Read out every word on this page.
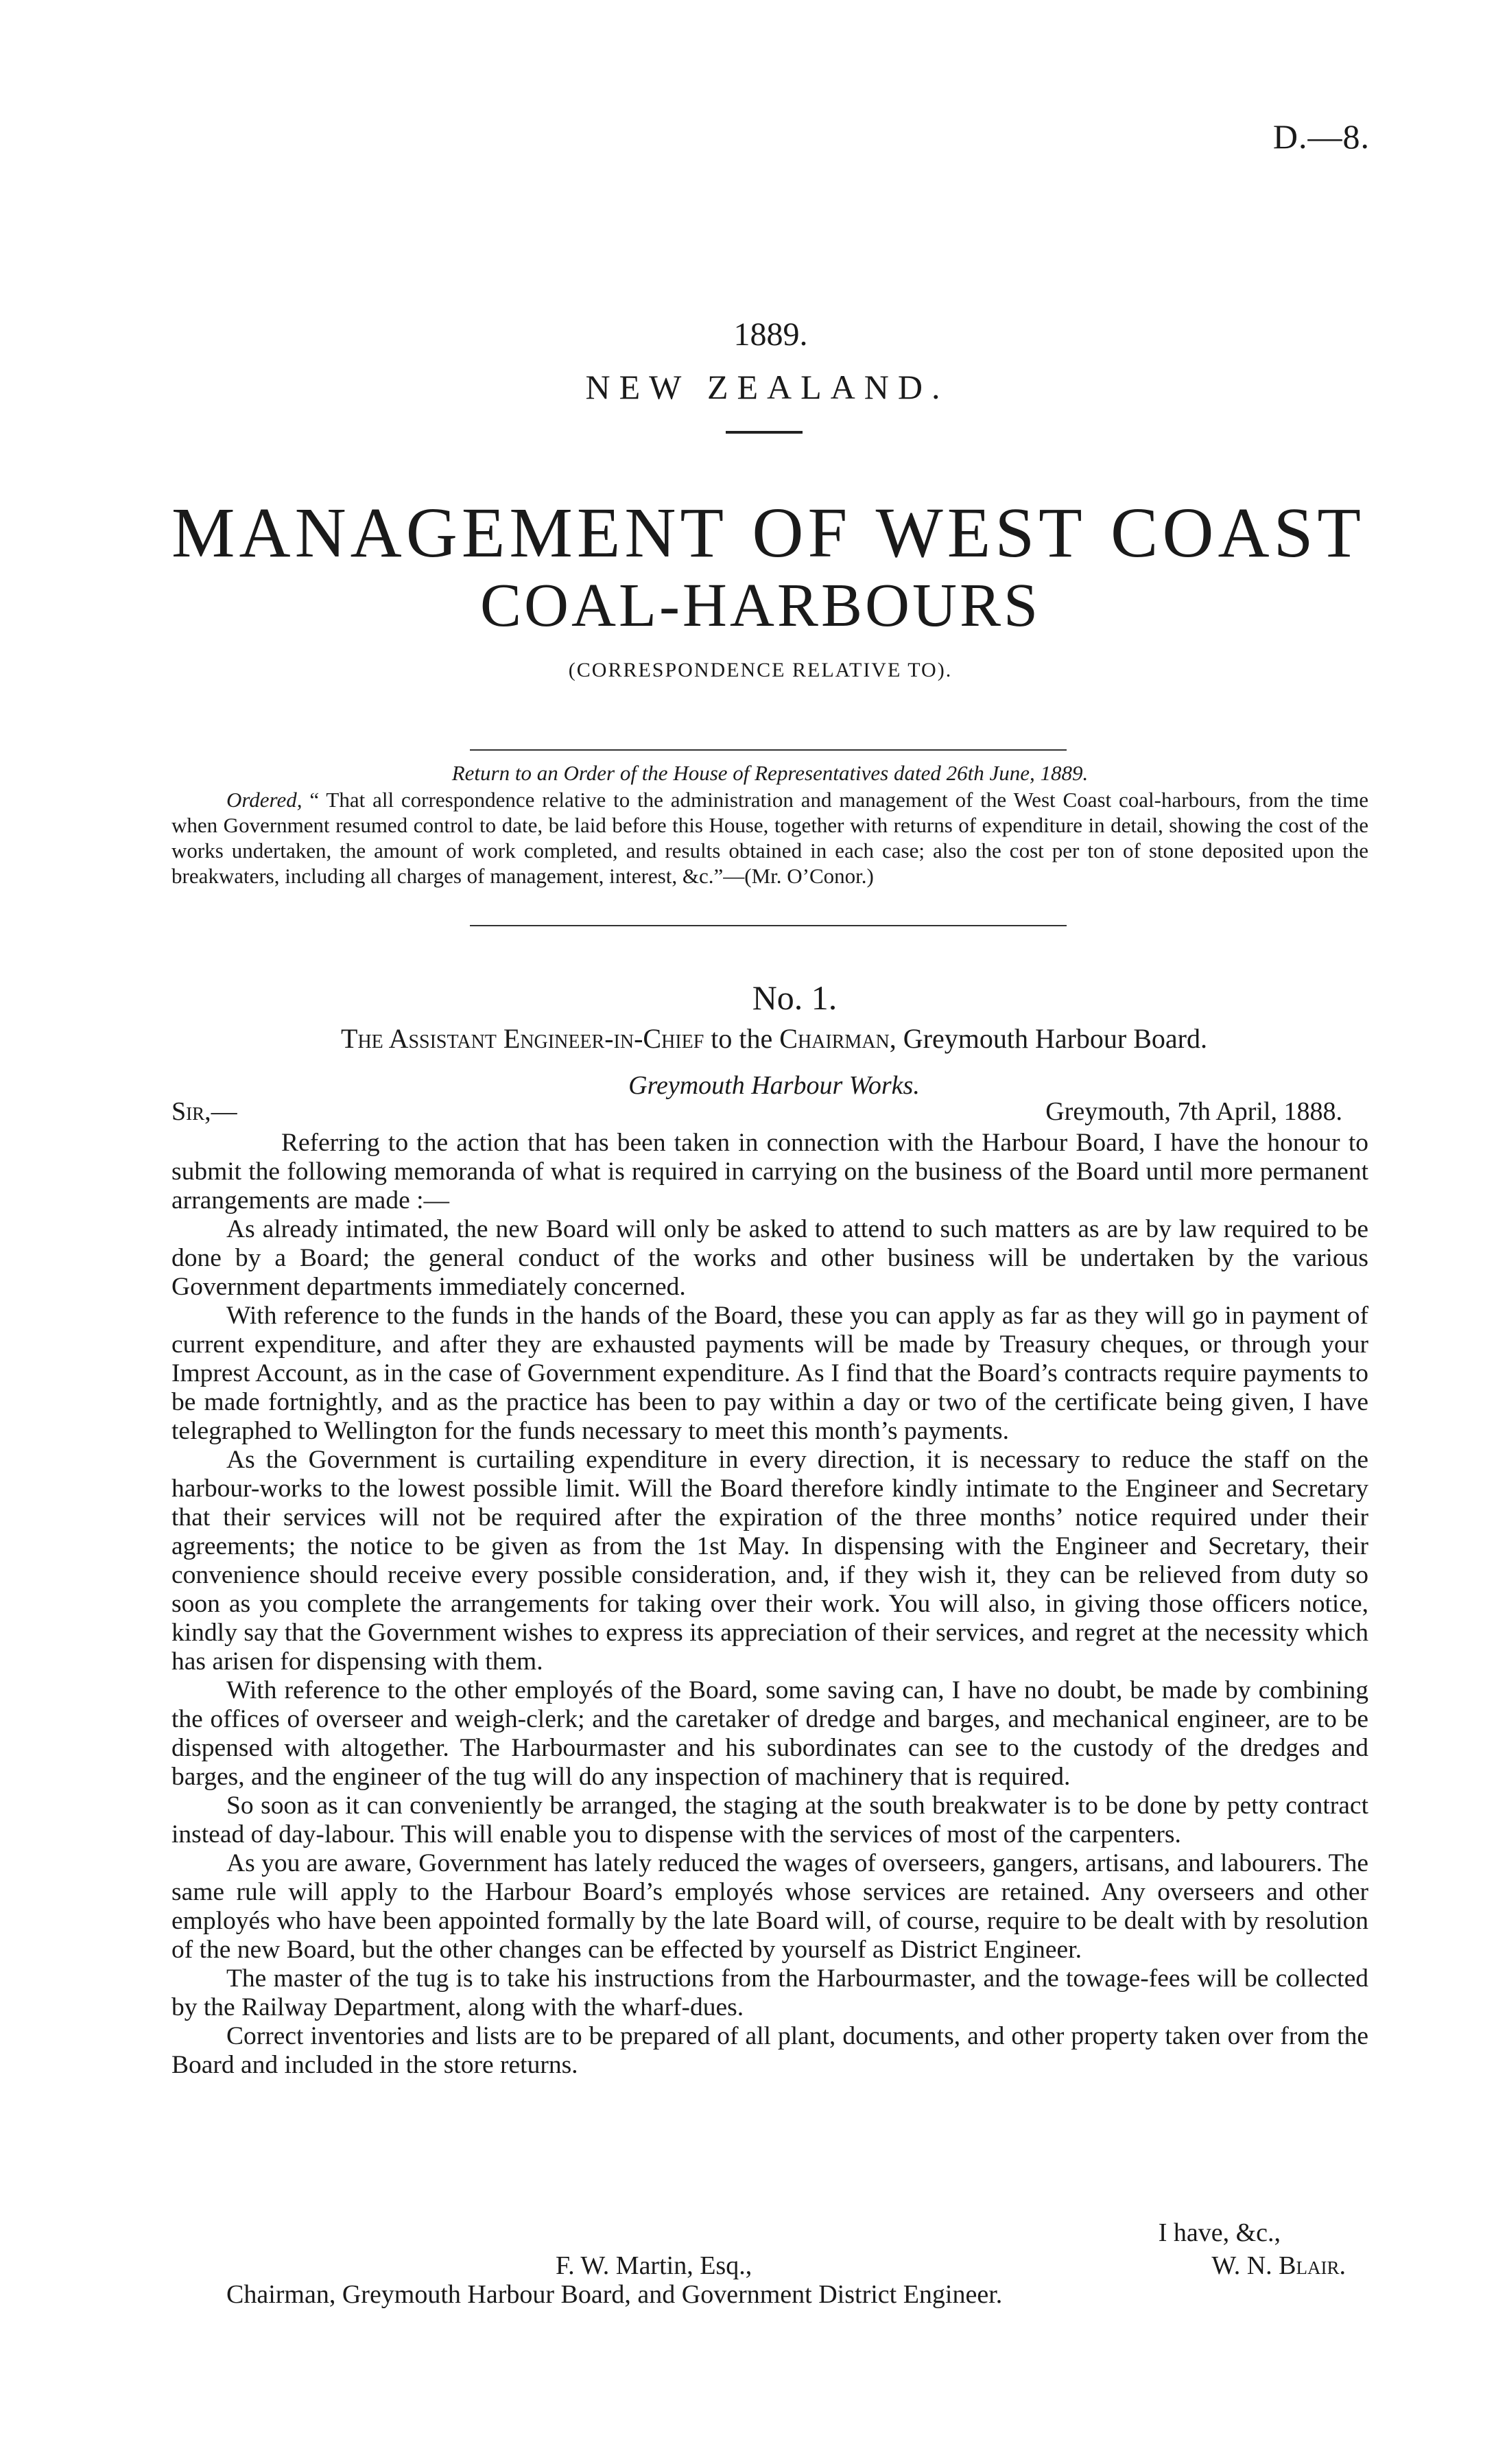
D.—8.
1889.
NEW ZEALAND.
MANAGEMENT OF WEST COAST
COAL-HARBOURS
(CORRESPONDENCE RELATIVE TO).
Return to an Order of the House of Representatives dated 26th June, 1889.

Ordered, “ That all correspondence relative to the administration and management of the West Coast coal-harbours, from the time when Government resumed control to date, be laid before this House, together with returns of expenditure in detail, showing the cost of the works undertaken, the amount of work completed, and results obtained in each case; also the cost per ton of stone deposited upon the breakwaters, including all charges of management, interest, &c.”—(Mr. O’Conor.)

No. 1.
The Assistant Engineer-in-Chief to the Chairman, Greymouth Harbour Board.
Greymouth Harbour Works.
Sir,—	Greymouth, 7th April, 1888.

Referring to the action that has been taken in connection with the Harbour Board, I have the honour to submit the following memoranda of what is required in carrying on the business of the Board until more permanent arrangements are made :—

As already intimated, the new Board will only be asked to attend to such matters as are by law required to be done by a Board; the general conduct of the works and other business will be undertaken by the various Government departments immediately concerned.

With reference to the funds in the hands of the Board, these you can apply as far as they will go in payment of current expenditure, and after they are exhausted payments will be made by Treasury cheques, or through your Imprest Account, as in the case of Government expenditure. As I find that the Board’s contracts require payments to be made fortnightly, and as the practice has been to pay within a day or two of the certificate being given, I have telegraphed to Wellington for the funds necessary to meet this month’s payments.

As the Government is curtailing expenditure in every direction, it is necessary to reduce the staff on the harbour-works to the lowest possible limit. Will the Board therefore kindly intimate to the Engineer and Secretary that their services will not be required after the expiration of the three months’ notice required under their agreements; the notice to be given as from the 1st May. In dispensing with the Engineer and Secretary, their convenience should receive every possible consideration, and, if they wish it, they can be relieved from duty so soon as you complete the arrangements for taking over their work. You will also, in giving those officers notice, kindly say that the Government wishes to express its appreciation of their services, and regret at the necessity which has arisen for dispensing with them.

With reference to the other employés of the Board, some saving can, I have no doubt, be made by combining the offices of overseer and weigh-clerk; and the caretaker of dredge and barges, and mechanical engineer, are to be dispensed with altogether. The Harbourmaster and his subordinates can see to the custody of the dredges and barges, and the engineer of the tug will do any inspection of machinery that is required.

So soon as it can conveniently be arranged, the staging at the south breakwater is to be done by petty contract instead of day-labour. This will enable you to dispense with the services of most of the carpenters.

As you are aware, Government has lately reduced the wages of overseers, gangers, artisans, and labourers. The same rule will apply to the Harbour Board’s employés whose services are retained. Any overseers and other employés who have been appointed formally by the late Board will, of course, require to be dealt with by resolution of the new Board, but the other changes can be effected by yourself as District Engineer.

The master of the tug is to take his instructions from the Harbourmaster, and the towage-fees will be collected by the Railway Department, along with the wharf-dues.

Correct inventories and lists are to be prepared of all plant, documents, and other property taken over from the Board and included in the store returns.

I have, &c.,
F. W. Martin, Esq.,	W. N. Blair.
Chairman, Greymouth Harbour Board, and Government District Engineer.
